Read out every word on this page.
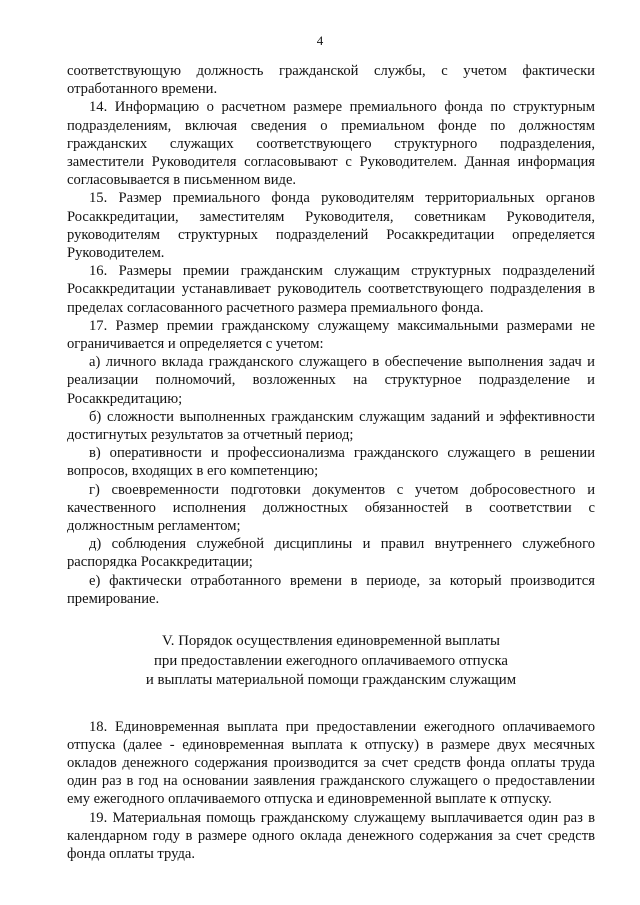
4

соответствующую должность гражданской службы, с учетом фактически отработанного времени.

14. Информацию о расчетном размере премиального фонда по структурным подразделениям, включая сведения о премиальном фонде по должностям гражданских служащих соответствующего структурного подразделения, заместители Руководителя согласовывают с Руководителем. Данная информация согласовывается в письменном виде.

15. Размер премиального фонда руководителям территориальных органов Росаккредитации, заместителям Руководителя, советникам Руководителя, руководителям структурных подразделений Росаккредитации определяется Руководителем.

16. Размеры премии гражданским служащим структурных подразделений Росаккредитации устанавливает руководитель соответствующего подразделения в пределах согласованного расчетного размера премиального фонда.

17. Размер премии гражданскому служащему максимальными размерами не ограничивается и определяется с учетом:

а) личного вклада гражданского служащего в обеспечение выполнения задач и реализации полномочий, возложенных на структурное подразделение и Росаккредитацию;

б) сложности выполненных гражданским служащим заданий и эффективности достигнутых результатов за отчетный период;

в) оперативности и профессионализма гражданского служащего в решении вопросов, входящих в его компетенцию;

г) своевременности подготовки документов с учетом добросовестного и качественного исполнения должностных обязанностей в соответствии с должностным регламентом;

д) соблюдения служебной дисциплины и правил внутреннего служебного распорядка Росаккредитации;

е) фактически отработанного времени в периоде, за который производится премирование.

V. Порядок осуществления единовременной выплаты
при предоставлении ежегодного оплачиваемого отпуска
и выплаты материальной помощи гражданским служащим

18. Единовременная выплата при предоставлении ежегодного оплачиваемого отпуска (далее - единовременная выплата к отпуску) в размере двух месячных окладов денежного содержания производится за счет средств фонда оплаты труда один раз в год на основании заявления гражданского служащего о предоставлении ему ежегодного оплачиваемого отпуска и единовременной выплате к отпуску.

19. Материальная помощь гражданскому служащему выплачивается один раз в календарном году в размере одного оклада денежного содержания за счет средств фонда оплаты труда.
